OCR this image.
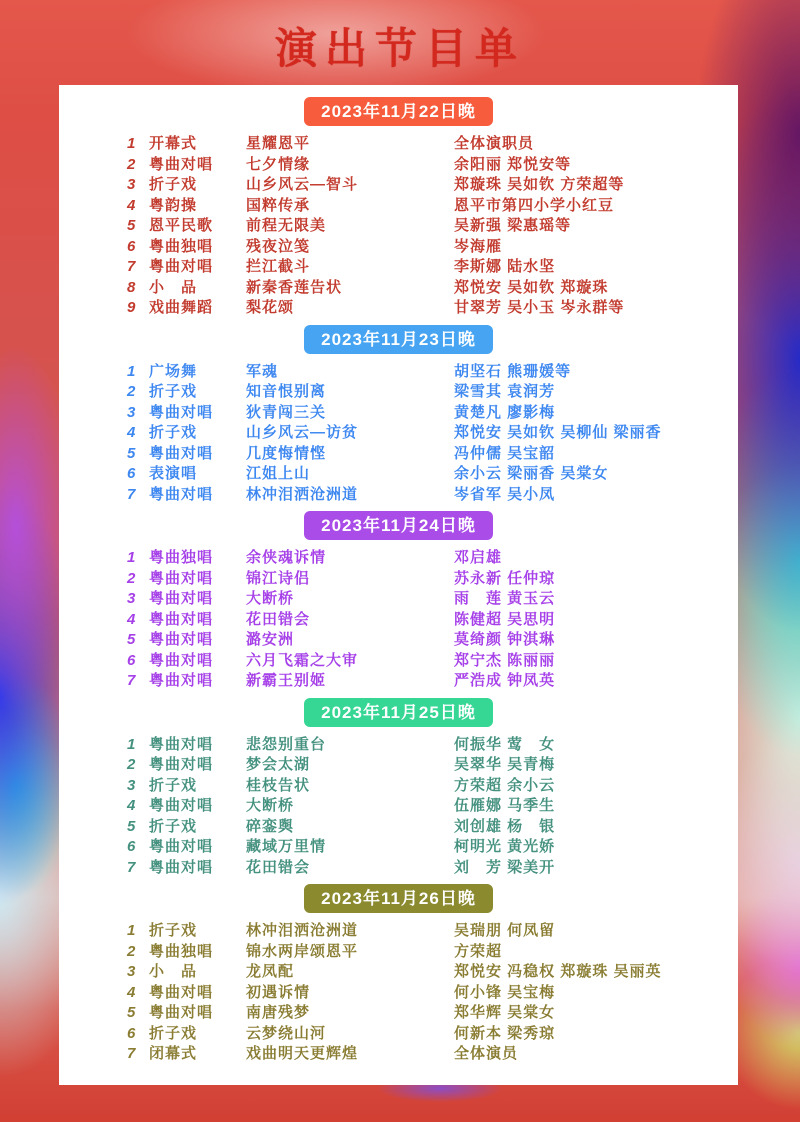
演出节目单
2023年11月22日晚
1 开幕式	星耀恩平	全体演职员
2 粤曲对唱	七夕情缘	余阳丽 郑悦安等
3 折子戏	山乡风云—智斗	郑璇珠 吴如钦 方荣超等
4 粤韵操	国粹传承	恩平市第四小学小红豆
5 恩平民歌	前程无限美	吴新强 梁惠瑶等
6 粤曲独唱	残夜泣笺	岑海雁
7 粤曲对唱	拦江截斗	李斯娜 陆水坚
8 小　品	新秦香莲告状	郑悦安 吴如钦 郑璇珠
9 戏曲舞蹈	梨花颂	甘翠芳 吴小玉 岑永群等
2023年11月23日晚
1 广场舞	军魂	胡坚石 熊珊媛等
2 折子戏	知音恨别离	梁雪其 袁润芳
3 粤曲对唱	狄青闯三关	黄楚凡 廖影梅
4 折子戏	山乡风云—访贫	郑悦安 吴如钦 吴柳仙 梁丽香
5 粤曲对唱	几度悔情悭	冯仲儒 吴宝韶
6 表演唱	江姐上山	余小云 梁丽香 吴棠女
7 粤曲对唱	林冲泪洒沧洲道	岑省军 吴小凤
2023年11月24日晚
1 粤曲独唱	余侠魂诉情	邓启雄
2 粤曲对唱	锦江诗侣	苏永新 任仲琼
3 粤曲对唱	大断桥	雨　莲 黄玉云
4 粤曲对唱	花田错会	陈健超 吴思明
5 粤曲对唱	潞安洲	莫绮颜 钟淇琳
6 粤曲对唱	六月飞霜之大审	郑宁杰 陈丽丽
7 粤曲对唱	新霸王别姬	严浩成 钟凤英
2023年11月25日晚
1 粤曲对唱	悲怨别重台	何振华 莺　女
2 粤曲对唱	梦会太湖	吴翠华 吴青梅
3 折子戏	桂枝告状	方荣超 余小云
4 粤曲对唱	大断桥	伍雁娜 马季生
5 折子戏	碎銮舆	刘创雄 杨　银
6 粤曲对唱	藏域万里情	柯明光 黄光娇
7 粤曲对唱	花田错会	刘　芳 梁美开
2023年11月26日晚
1 折子戏	林冲泪洒沧洲道	吴瑞朋 何凤留
2 粤曲独唱	锦水两岸颂恩平	方荣超
3 小　品	龙凤配	郑悦安 冯稳权 郑璇珠 吴丽英
4 粤曲对唱	初遇诉情	何小锋 吴宝梅
5 粤曲对唱	南唐残梦	郑华辉 吴棠女
6 折子戏	云梦绕山河	何新本 梁秀琼
7 闭幕式	戏曲明天更辉煌	全体演员
